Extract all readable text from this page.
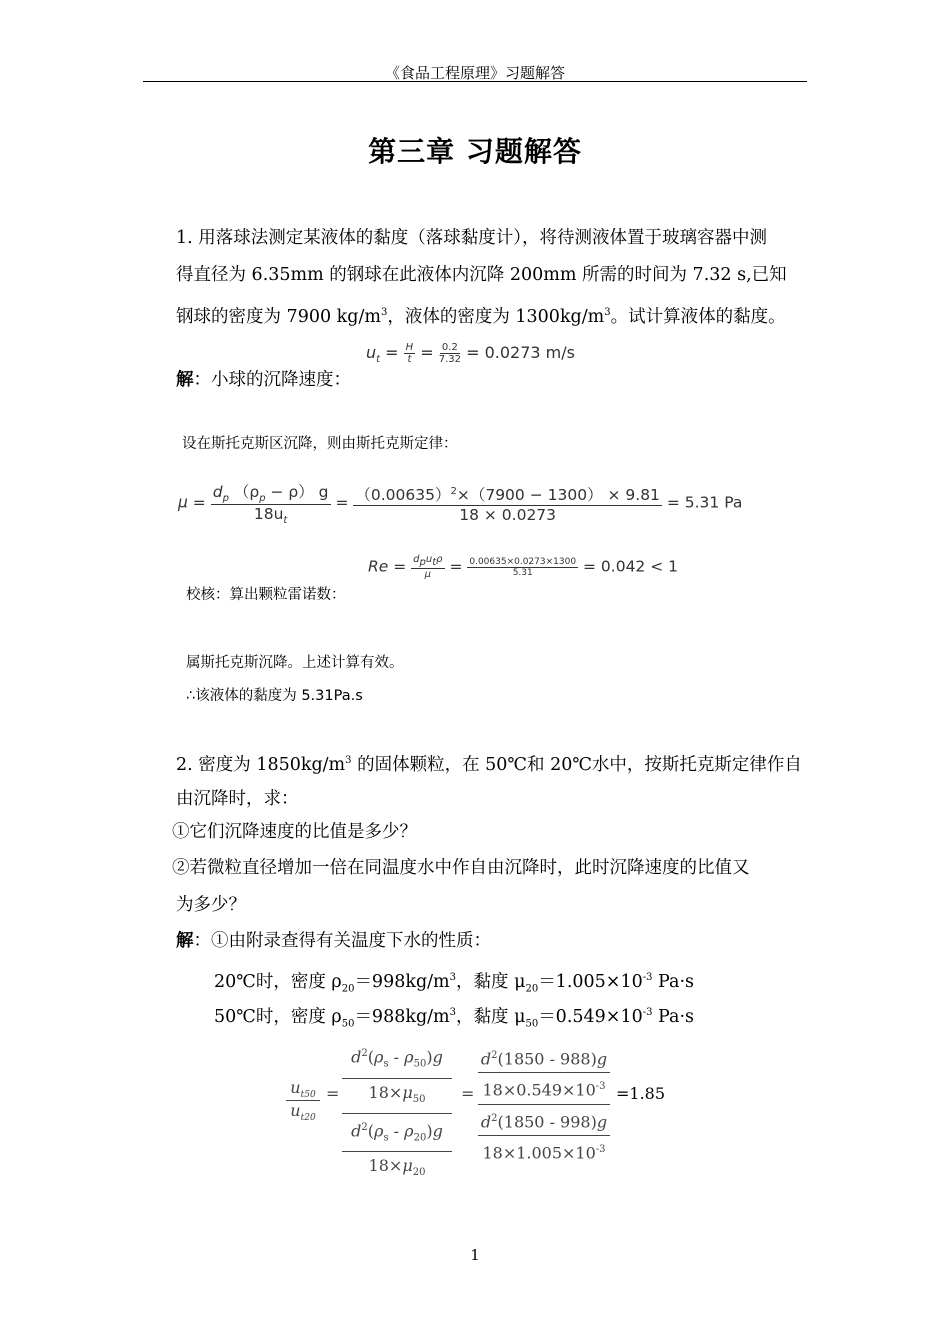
《食品工程原理》习题解答
第三章 习题解答
1. 用落球法测定某液体的黏度（落球黏度计），将待测液体置于玻璃容器中测
得直径为 6.35mm 的钢球在此液体内沉降 200mm 所需的时间为 7.32 s,已知
钢球的密度为 7900 $kg/m^3$，液体的密度为 $1300kg/m^3$。试计算液体的黏度。
解：小球的沉降速度：
$u_t = \frac{H}{t} = \frac{0.2}{7.32} = 0.0273$ m/s
设在斯托克斯区沉降，则由斯托克斯定律：
$\mu = \frac{d_p (\rho_p - \rho) g}{18u_t} = \frac{(0.00635)^2\times(7900 - 1300) \times 9.81}{18 \times 0.0273} = 5.31$ Pa
$Re = \frac{d_pu_t\rho}{\mu} = \frac{0.00635\times 0.0273\times 1300}{5.31} = 0.042 < 1$
校核：算出颗粒雷诺数：
属斯托克斯沉降。上述计算有效。
∴该液体的黏度为 5.31Pa.s
2. 密度为 $1850kg/m^3$ 的固体颗粒，在 50℃和 20℃水中，按斯托克斯定律作自
由沉降时，求：
①它们沉降速度的比值是多少？
②若微粒直径增加一倍在同温度水中作自由沉降时，此时沉降速度的比值又
为多少？
解：①由附录查得有关温度下水的性质：
20℃时，密度 $\rho_{20}=998kg/m^3$，黏度 $\mu_{20}=1.005\times 10^{-3}$ Pa·s
50℃时，密度 $\rho_{50}=988kg/m^3$，黏度 $\mu_{50}=0.549\times 10^{-3}$ Pa·s
$u_{t50}$
$u_{t20}$
=
$d^2(\rho_s - \rho_{50})g$
$18\times\mu_{50}$
$d^2(\rho_s - \rho_{20})g$
$18\times\mu_{20}$
=
$d^2(1850 - 988)g$
$18\times 0.549\times 10^{-3}$
$d^2(1850 - 998)g$
$18\times 1.005\times 10^{-3}$
=1.85
1
